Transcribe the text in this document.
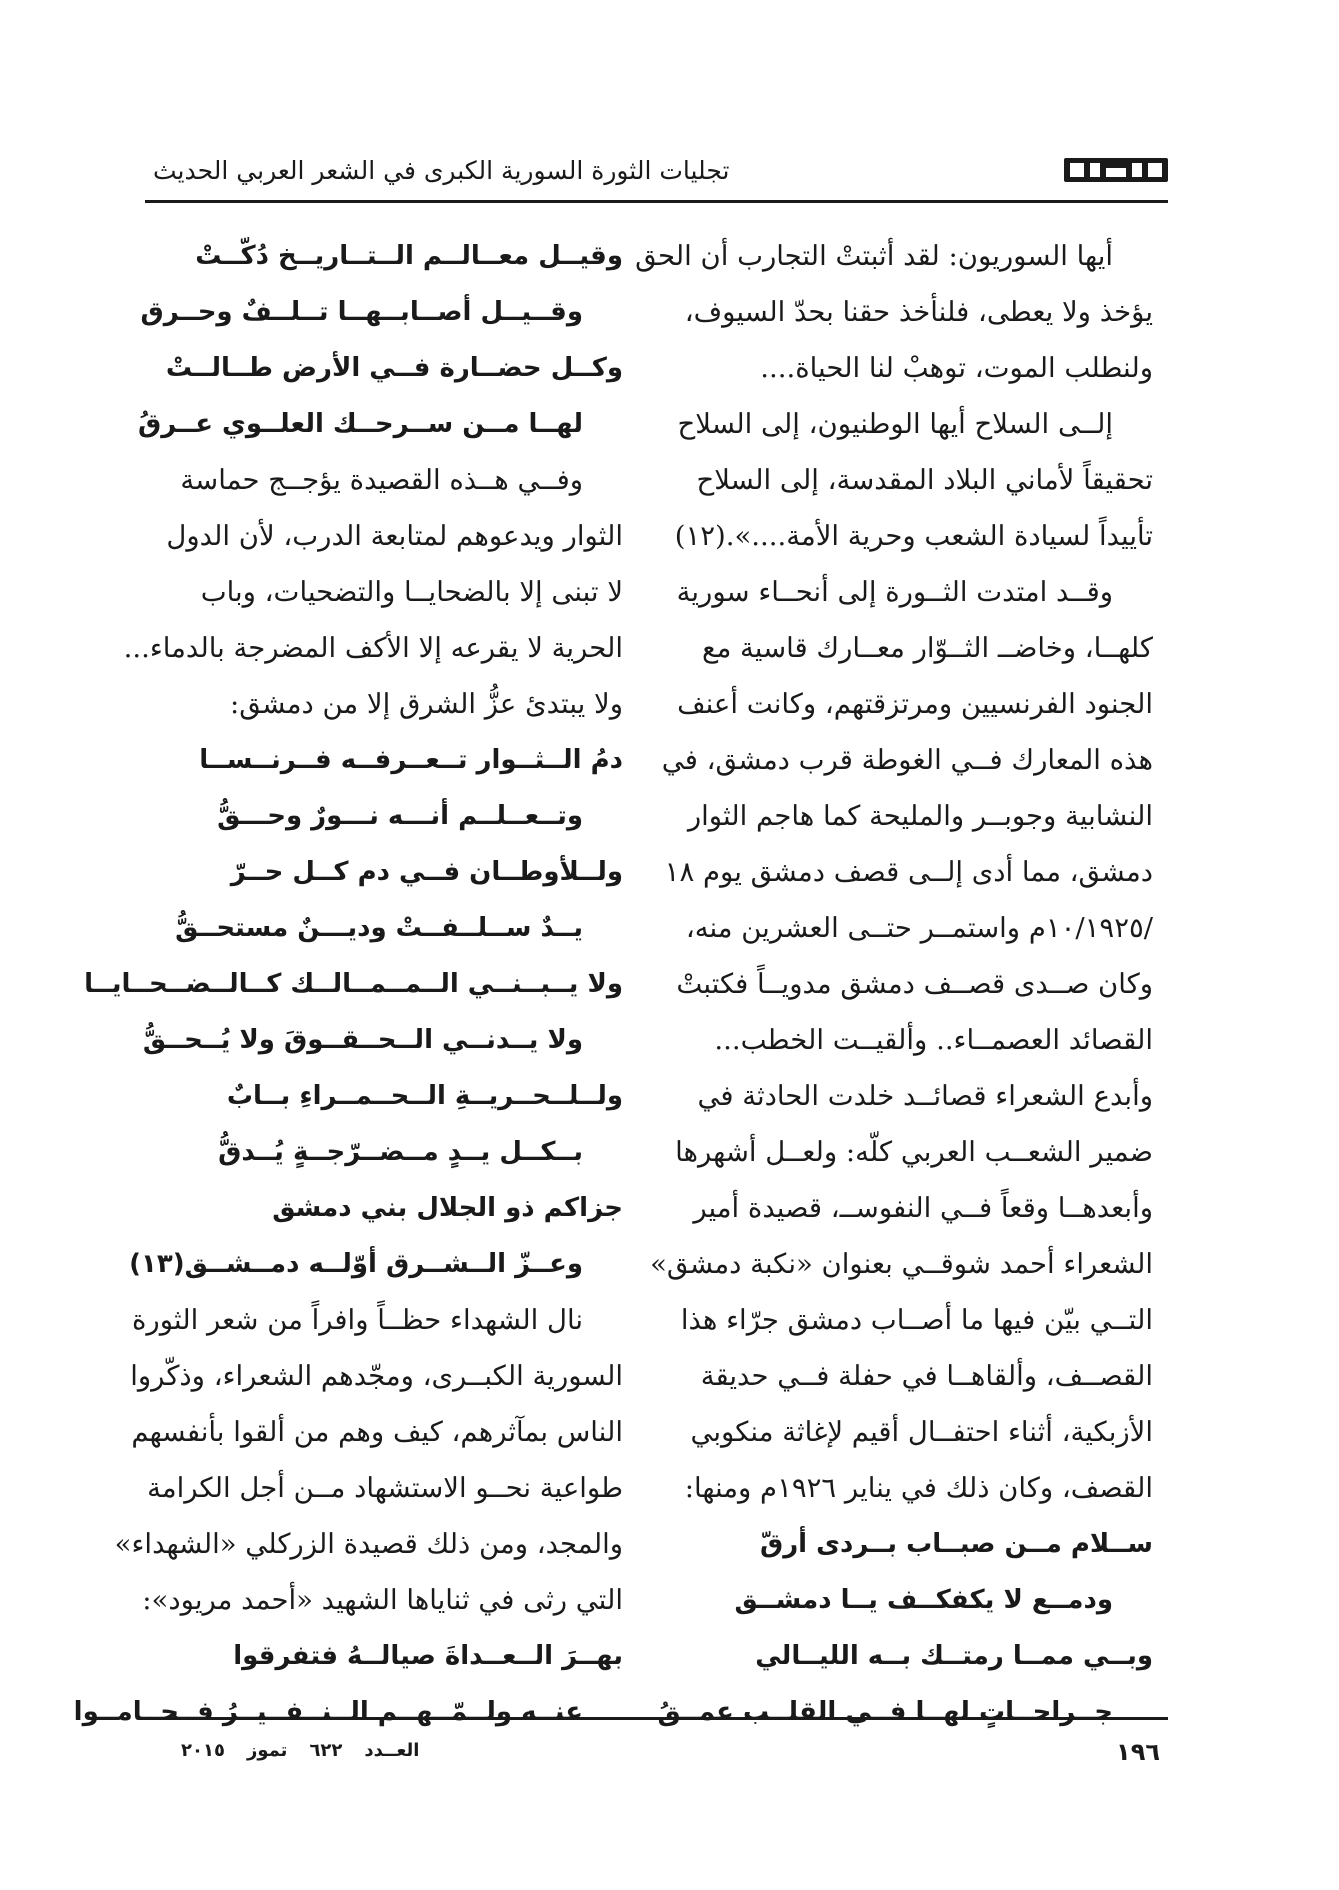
تجليات الثورة السورية الكبرى في الشعر العربي الحديث
أيها السوريون: لقد أثبتتْ التجارب أن الحق
يؤخذ ولا يعطى، فلنأخذ حقنا بحدّ السيوف،
ولنطلب الموت، توهبْ لنا الحياة....
إلــى السلاح أيها الوطنيون، إلى السلاح
تحقيقاً لأماني البلاد المقدسة، إلى السلاح
تأييداً لسيادة الشعب وحرية الأمة....».(١٢)
وقــد امتدت الثــورة إلى أنحــاء سورية
كلهــا، وخاضــ الثــوّار معــارك قاسية مع
الجنود الفرنسيين ومرتزقتهم، وكانت أعنف
هذه المعارك فــي الغوطة قرب دمشق، في
النشابية وجوبــر والمليحة كما هاجم الثوار
دمشق، مما أدى إلــى قصف دمشق يوم ١٨
/١٠/١٩٢٥م واستمــر حتــى العشرين منه،
وكان صــدى قصــف دمشق مدويــاً فكتبتْ
القصائد العصمــاء.. وألقيــت الخطب...
وأبدع الشعراء قصائــد خلدت الحادثة في
ضمير الشعــب العربي كلّه: ولعــل أشهرها
وأبعدهــا وقعاً فــي النفوســ، قصيدة أمير
الشعراء أحمد شوقــي بعنوان «نكبة دمشق»
التــي بيّن فيها ما أصــاب دمشق جرّاء هذا
القصــف، وألقاهــا في حفلة فــي حديقة
الأزبكية، أثناء احتفــال أقيم لإغاثة منكوبي
القصف، وكان ذلك في يناير ١٩٢٦م ومنها:
ســلام مــن صبــاب بــردى أرقّ
ودمــع لا يكفكــف يــا دمشــق
وبــي ممــا رمتــك بــه الليــالي
جــراحــاتٍ لهــا فــي القلــب عمــقُ
وقيــل معــالــم الــتــاريــخ دُكّــتْ
وقــيــل أصــابــهــا تــلــفٌ وحــرق
وكــل حضــارة فــي الأرض طــالــتْ
لهــا مــن ســرحــك العلــوي عــرقُ
وفــي هــذه القصيدة يؤجــج حماسة
الثوار ويدعوهم لمتابعة الدرب، لأن الدول
لا تبنى إلا بالضحايــا والتضحيات، وباب
الحرية لا يقرعه إلا الأكف المضرجة بالدماء...
ولا يبتدئ عزُّ الشرق إلا من دمشق:
دمُ الــثــوار تــعــرفــه فــرنــســا
وتــعــلــم أنـــه نـــورٌ وحـــقُّ
ولــلأوطــان فــي دم كــل حــرّ
يــدٌ ســلــفــتْ وديـــنٌ مستحــقُّ
ولا يــبــنــي الــمــمــالــك كــالــضــحــايــا
ولا يــدنــي الــحــقــوقَ ولا يُــحــقُّ
ولــلــحــريــةِ الــحــمــراءِ بــابٌ
بــكــل يــدٍ مــضــرّجــةٍ يُــدقُّ
جزاكم ذو الجلال بني دمشق
وعــزّ الــشــرق أوّلــه دمــشــق(١٣)
نال الشهداء حظــاً وافراً من شعر الثورة
السورية الكبــرى، ومجّدهم الشعراء، وذكّروا
الناس بمآثرهم، كيف وهم من ألقوا بأنفسهم
طواعية نحــو الاستشهاد مــن أجل الكرامة
والمجد، ومن ذلك قصيدة الزركلي «الشهداء»
التي رثى في ثناياها الشهيد «أحمد مريود»:
بهــرَ الــعــداةَ صيالــهُ فتفرقوا
عنــه ولــمّــهــم الــنــفــيــرُ فــحــامــوا
١٩٦
العــدد٦٢٢تموز٢٠١٥
